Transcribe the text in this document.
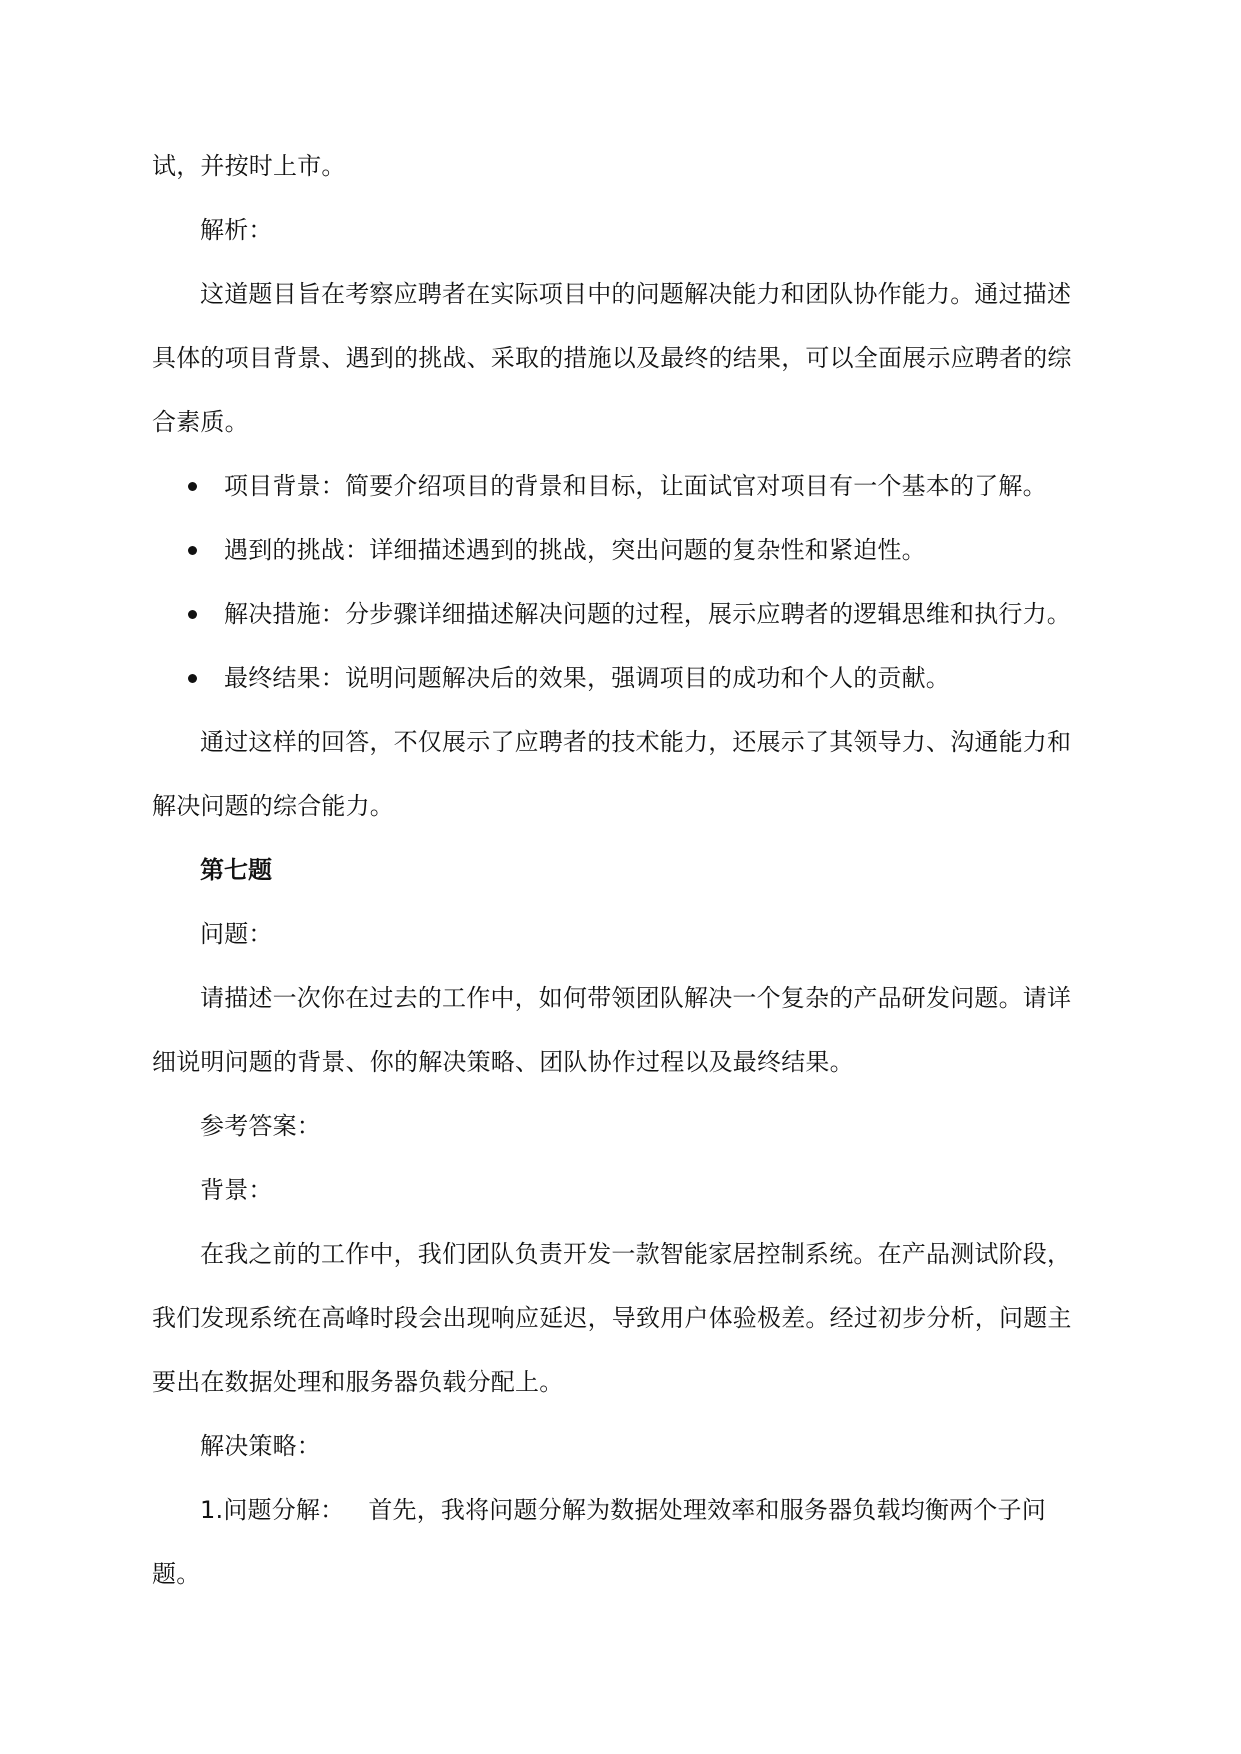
试，并按时上市。

解析：

这道题目旨在考察应聘者在实际项目中的问题解决能力和团队协作能力。通过描述具体的项目背景、遇到的挑战、采取的措施以及最终的结果，可以全面展示应聘者的综合素质。

项目背景：简要介绍项目的背景和目标，让面试官对项目有一个基本的了解。
遇到的挑战：详细描述遇到的挑战，突出问题的复杂性和紧迫性。
解决措施：分步骤详细描述解决问题的过程，展示应聘者的逻辑思维和执行力。
最终结果：说明问题解决后的效果，强调项目的成功和个人的贡献。

通过这样的回答，不仅展示了应聘者的技术能力，还展示了其领导力、沟通能力和解决问题的综合能力。

第七题

问题：

请描述一次你在过去的工作中，如何带领团队解决一个复杂的产品研发问题。请详细说明问题的背景、你的解决策略、团队协作过程以及最终结果。

参考答案：

背景：

在我之前的工作中，我们团队负责开发一款智能家居控制系统。在产品测试阶段，我们发现系统在高峰时段会出现响应延迟，导致用户体验极差。经过初步分析，问题主要出在数据处理和服务器负载分配上。

解决策略：

1.问题分解： 首先，我将问题分解为数据处理效率和服务器负载均衡两个子问题。
